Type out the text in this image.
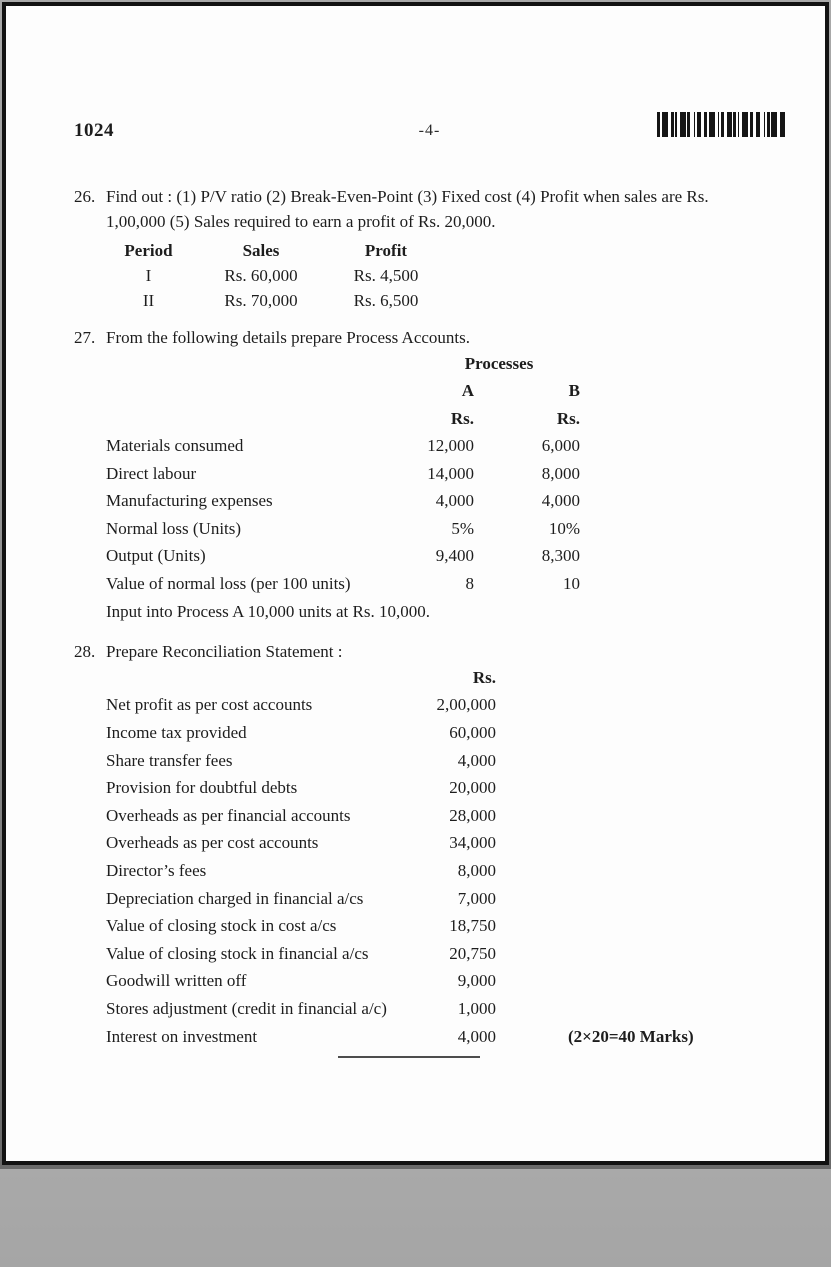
1024	-4-
26. Find out : (1) P/V ratio (2) Break-Even-Point (3) Fixed cost (4) Profit when sales are Rs. 1,00,000 (5) Sales required to earn a profit of Rs. 20,000.
Period	Sales	Profit
I	Rs. 60,000	Rs. 4,500
II	Rs. 70,000	Rs. 6,500
27. From the following details prepare Process Accounts.
	Processes	
	A	B
	Rs.	Rs.
Materials consumed	12,000	6,000
Direct labour	14,000	8,000
Manufacturing expenses	4,000	4,000
Normal loss (Units)	5%	10%
Output (Units)	9,400	8,300
Value of normal loss (per 100 units)	8	10
Input into Process A 10,000 units at Rs. 10,000.
28. Prepare Reconciliation Statement :
	Rs.	
Net profit as per cost accounts	2,00,000	
Income tax provided	60,000	
Share transfer fees	4,000	
Provision for doubtful debts	20,000	
Overheads as per financial accounts	28,000	
Overheads as per cost accounts	34,000	
Director’s fees	8,000	
Depreciation charged in financial a/cs	7,000	
Value of closing stock in cost a/cs	18,750	
Value of closing stock in financial a/cs	20,750	
Goodwill written off	9,000	
Stores adjustment (credit in financial a/c)	1,000	
Interest on investment	4,000	(2×20=40 Marks)
